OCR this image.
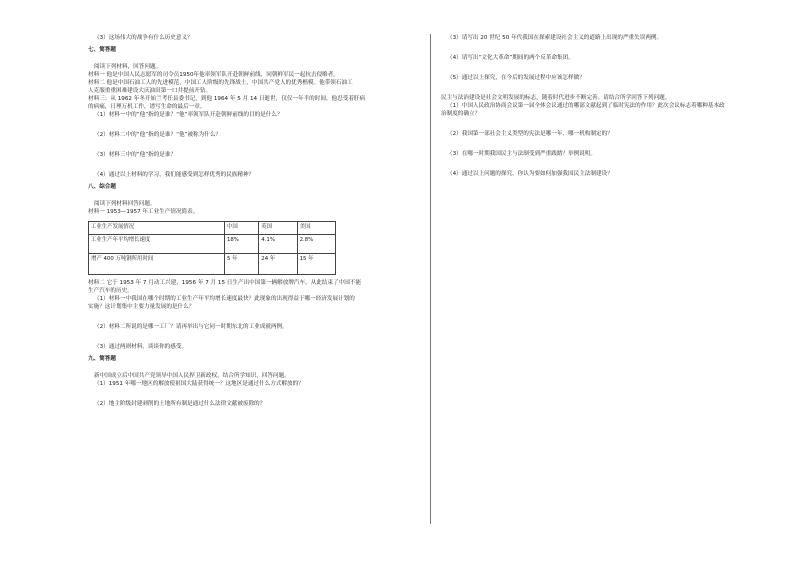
（3）这场伟大的战争有什么历史意义？

七、简答题

阅读下列材料，回答问题。

材料一 他是中国人民志愿军的司令员1950年他率领军队开赴朝鲜前线，同朝鲜军民一起抗击侵略者。

材料二 他是中国石油工人的先进模范，中国工人阶级的先锋战士，中国共产党人的优秀楷模。他带领石油工

人克服重重困难建设大庆油田第一口井提前开钻。

材料三：从 1962 年冬开始兰考任县委书记，到他 1964 年 5 月 14 日逝世，仅仅一年半的时间，他忍受着肝病

的病痛，日理万机工作，谱写生命的最后一章。

（1）材料一中的“他”指的是谁？“他”率领军队开赴朝鲜前线的目的是什么？

（2）材料二中的“他”指的是谁？“他”被称为什么？

（3）材料三中的“他”指的是谁？

（4）通过以上材料的学习，我们能感受到怎样优秀的民族精神？

八、综合题

阅读下列材料回答问题。

材料一 1953—1957 年工业生产情况简表。

工业生产发展情况	中国	英国	美国
工业生产年平均增长速度	18%	4.1%	2.8%
增产 400 万吨钢所用时间	5 年	24 年	15 年

材料二 它于 1953 年 7 月动工兴建，1956 年 7 月 15 日生产出中国第一辆解放牌汽车，从此结束了中国不能

生产汽车的历史。

（1）材料一中我国在哪个时期的工业生产年平均增长速度最快？此现象的出现得益于哪一经济发展计划的

实施？这计划集中主要力量发展的是什么？

（2）材料二所说的是哪一工厂？请再举出与它同一时期东北的工业成就两例。

（3）通过两则材料，谈谈你的感受。

九、简答题

新中国成立后中国共产党领导中国人民捍卫新政权，结合所学知识，回答问题。

（1）1951 年哪一地区的解放使祖国大陆获得统一？这地区是通过什么方式解放的？

（2）地主阶级封建剥削的土地所有制是通过什么法律文献被废除的？

（3）请写出 20 世纪 50 年代我国在探索建设社会主义的道路上出现的严重失误两例。

（4）请写出“文化大革命”期间的两个反革命集团。

（5）通过以上探究，在今后的发展过程中应该怎样做？

民主与法治建设是社会文明发展的标志，随着时代进步不断完善。请结合所学回答下列问题。

（1）中国人民政治协商会议第一届全体会议通过的哪部文献起到了临时宪法的作用？此次会议标志着哪种基本政

治制度的确立？

（2）我国第一部社会主义类型的宪法是哪一年、哪一机构制定的？

（3）在哪一时期我国民主与法制受到严重践踏？举例说明。

（4）通过以上问题的探究，你认为要如何加强我国民主法制建设？
